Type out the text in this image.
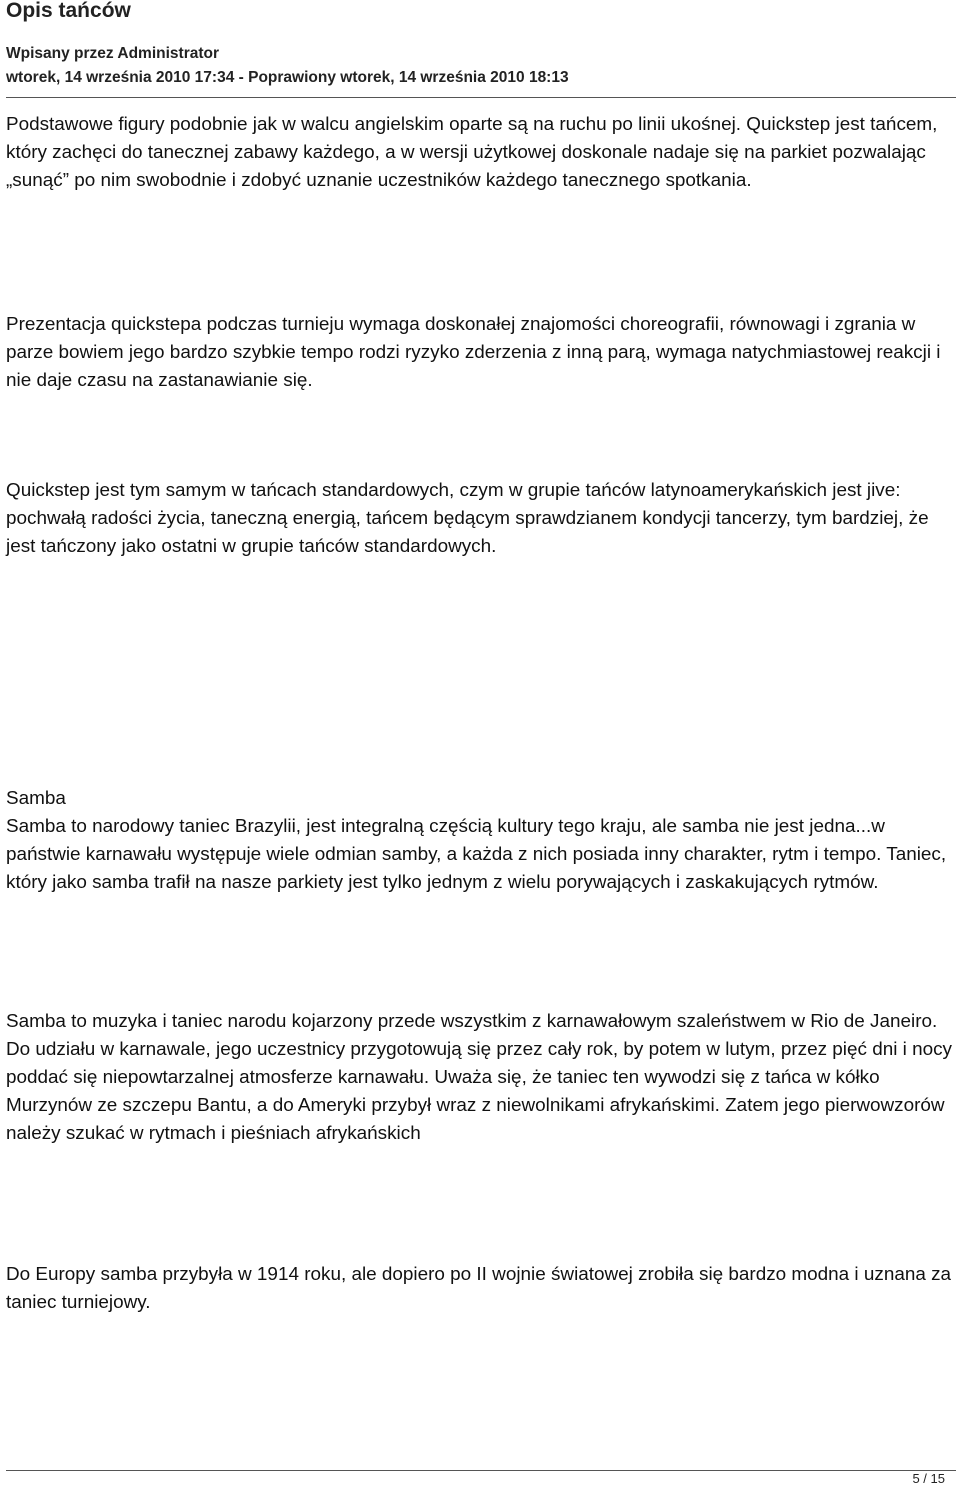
Opis tańców
Wpisany przez Administrator
wtorek, 14 września 2010 17:34 - Poprawiony wtorek, 14 września 2010 18:13

Podstawowe figury podobnie jak w walcu angielskim oparte są na ruchu po linii ukośnej. Quickstep jest tańcem, który zachęci do tanecznej zabawy każdego, a w wersji użytkowej doskonale nadaje się na parkiet pozwalając „sunąć” po nim swobodnie i zdobyć uznanie uczestników każdego tanecznego spotkania.

Prezentacja quickstepa podczas turnieju wymaga doskonałej znajomości choreografii, równowagi i zgrania w parze bowiem jego bardzo szybkie tempo rodzi ryzyko zderzenia z inną parą, wymaga natychmiastowej reakcji i nie daje czasu na zastanawianie się.

Quickstep jest tym samym w tańcach standardowych, czym w grupie tańców latynoamerykańskich jest jive: pochwałą radości życia, taneczną energią, tańcem będącym sprawdzianem kondycji tancerzy, tym bardziej, że jest tańczony jako ostatni w grupie tańców standardowych.

Samba
Samba to narodowy taniec Brazylii, jest integralną częścią kultury tego kraju, ale samba nie jest jedna...w państwie karnawału występuje wiele odmian samby, a każda z nich posiada inny charakter, rytm i tempo. Taniec, który jako samba trafił na nasze parkiety jest tylko jednym z wielu porywających i zaskakujących rytmów.

Samba to muzyka i taniec narodu kojarzony przede wszystkim z karnawałowym szaleństwem w Rio de Janeiro. Do udziału w karnawale, jego uczestnicy przygotowują się przez cały rok, by potem w lutym, przez pięć dni i nocy poddać się niepowtarzalnej atmosferze karnawału. Uważa się, że taniec ten wywodzi się z tańca w kółko Murzynów ze szczepu Bantu, a do Ameryki przybył wraz z niewolnikami afrykańskimi. Zatem jego pierwowzorów należy szukać w rytmach i pieśniach afrykańskich

Do Europy samba przybyła w 1914 roku, ale dopiero po II wojnie światowej zrobiła się bardzo modna i uznana za taniec turniejowy.

5 / 15
